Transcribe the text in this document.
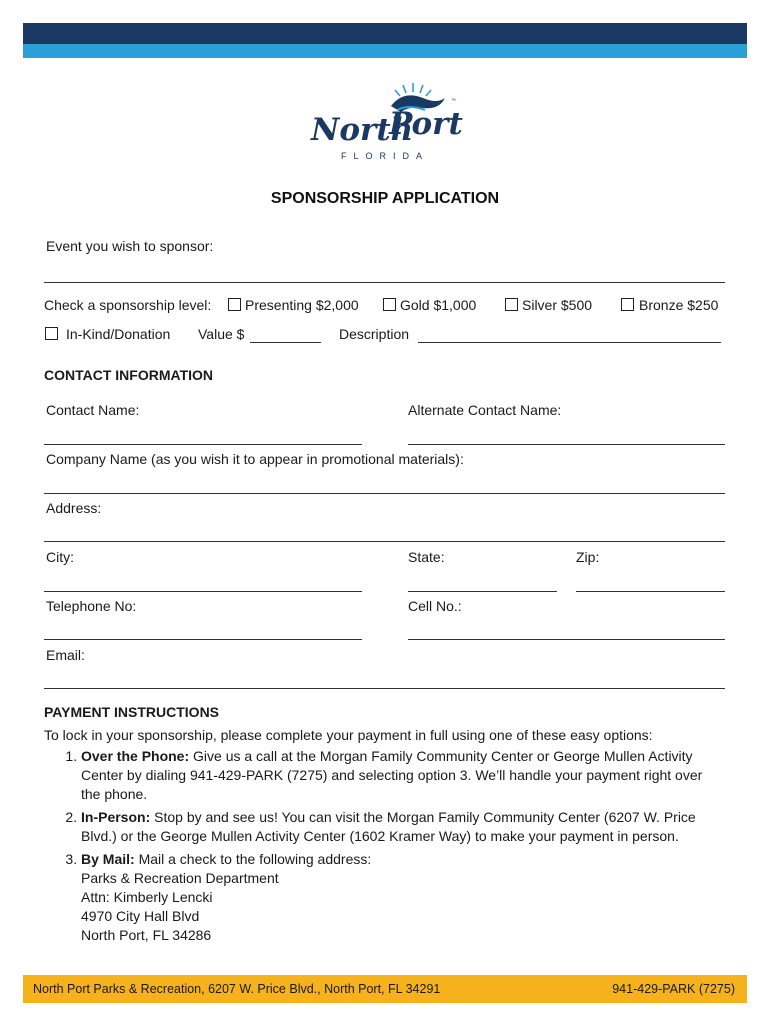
North
Port
™
FLORIDA
SPONSORSHIP APPLICATION
Event you wish to sponsor:
Check a sponsorship level: Presenting $2,000	Gold $1,000	Silver $500	Bronze $250
In-Kind/Donation Value $	Description
CONTACT INFORMATION
Contact Name:	Alternate Contact Name:
Company Name (as you wish it to appear in promotional materials):
Address:
City:	State:	Zip:
Telephone No:	Cell No.:
Email:
PAYMENT INSTRUCTIONS
To lock in your sponsorship, please complete your payment in full using one of these easy options:
1. Over the Phone: Give us a call at the Morgan Family Community Center or George Mullen Activity Center by dialing 941-429-PARK (7275) and selecting option 3. We’ll handle your payment right over the phone.
2. In-Person: Stop by and see us! You can visit the Morgan Family Community Center (6207 W. Price Blvd.) or the George Mullen Activity Center (1602 Kramer Way) to make your payment in person.
3. By Mail: Mail a check to the following address:
Parks & Recreation Department
Attn: Kimberly Lencki
4970 City Hall Blvd
North Port, FL 34286
North Port Parks & Recreation, 6207 W. Price Blvd., North Port, FL 34291	941-429-PARK (7275)
